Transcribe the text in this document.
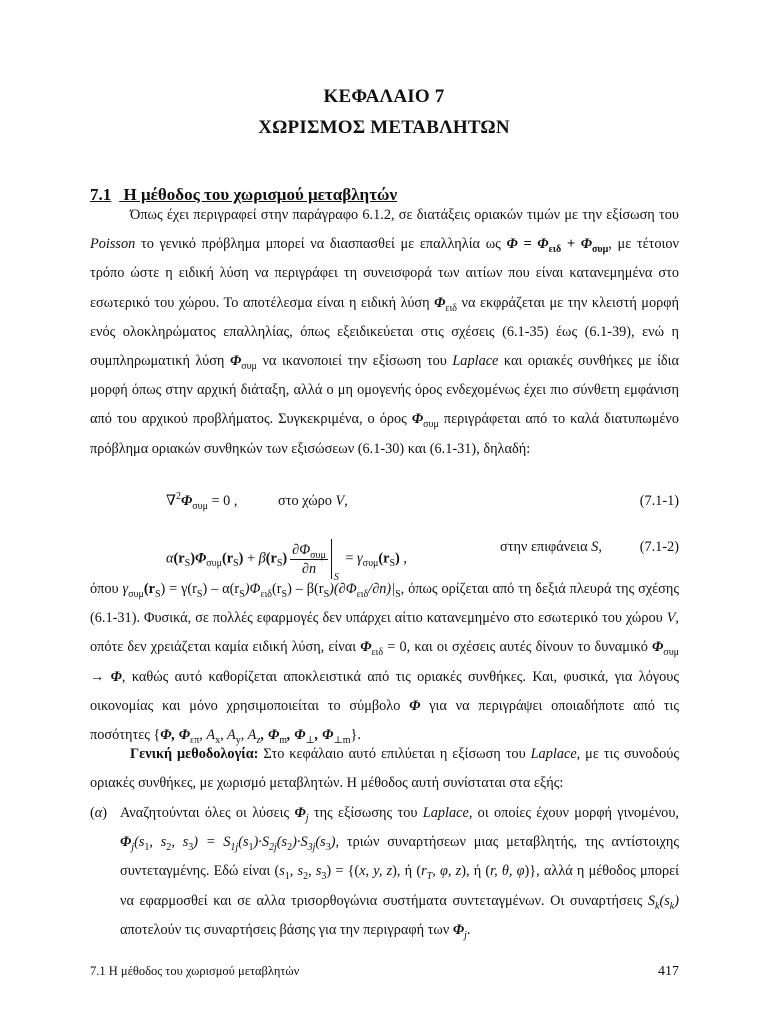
ΚΕΦΑΛΑΙΟ 7
ΧΩΡΙΣΜΟΣ ΜΕΤΑΒΛΗΤΩΝ
7.1 Η μέθοδος του χωρισμού μεταβλητών

Όπως έχει περιγραφεί στην παράγραφο 6.1.2, σε διατάξεις οριακών τιμών με την εξίσωση του Poisson το γενικό πρόβλημα μπορεί να διασπασθεί με επαλληλία ως $\Phi = \Phi_{\varepsilon\iota\delta} + \Phi_{\sigma\upsilon\mu}$, με τέτοιον τρόπο ώστε η ειδική λύση να περιγράφει τη συνεισφορά των αιτίων που είναι κατανεμημένα στο εσωτερικό του χώρου. Το αποτέλεσμα είναι η ειδική λύση $\Phi_{\varepsilon\iota\delta}$ να εκφράζεται με την κλειστή μορφή ενός ολοκληρώματος επαλληλίας, όπως εξειδικεύεται στις σχέσεις (6.1-35) έως (6.1-39), ενώ η συμπληρωματική λύση $\Phi_{\sigma\upsilon\mu}$ να ικανοποιεί την εξίσωση του Laplace και οριακές συνθήκες με ίδια μορφή όπως στην αρχική διάταξη, αλλά ο μη ομογενής όρος ενδεχομένως έχει πιο σύνθετη εμφάνιση από του αρχικού προβλήματος. Συγκεκριμένα, ο όρος $\Phi_{\sigma\upsilon\mu}$ περιγράφεται από το καλά διατυπωμένο πρόβλημα οριακών συνθηκών των εξισώσεων (6.1-30) και (6.1-31), δηλαδή:

$\nabla^2\Phi_{\sigma\upsilon\mu} = 0$ ,	στο χώρο V,	(7.1-1)
$\alpha(r_S)\Phi_{\sigma\upsilon\mu}(r_S) + \beta(r_S) \frac{\partial\Phi_{\sigma\upsilon\mu}}{\partial n}$ S
= $\gamma_{\sigma\upsilon\mu}(r_S)$ ,
στην επιφάνεια S,	(7.1-2)

όπου $\gamma_{\sigma\upsilon\mu}(r_S) = \gamma(r_S) - \alpha(r_S)\Phi_{\varepsilon\iota\delta}(r_S) - \beta(r_S)(\partial\Phi_{\varepsilon\iota\delta}/\partial n)|_S$, όπως ορίζεται από τη δεξιά πλευρά της σχέσης (6.1-31). Φυσικά, σε πολλές εφαρμογές δεν υπάρχει αίτιο κατανεμημένο στο εσωτερικό του χώρου V, οπότε δεν χρειάζεται καμία ειδική λύση, είναι $\Phi_{\varepsilon\iota\delta} = 0$, και οι σχέσεις αυτές δίνουν το δυναμικό $\Phi_{\sigma\upsilon\mu} \to \Phi$, καθώς αυτό καθορίζεται αποκλειστικά από τις οριακές συνθήκες. Και, φυσικά, για λόγους οικονομίας και μόνο χρησιμοποιείται το σύμβολο Φ για να περιγράψει οποιαδήποτε από τις ποσότητες {Φ, $\Phi_{\varepsilon\pi}$, $A_x$, $A_y$, $A_z$, $\Phi_m$, $\Phi_\perp$, $\Phi_{\perp m}$}.

Γενική μεθοδολογία: Στο κεφάλαιο αυτό επιλύεται η εξίσωση του Laplace, με τις συνοδούς οριακές συνθήκες, με χωρισμό μεταβλητών. Η μέθοδος αυτή συνίσταται στα εξής:

(α) Αναζητούνται όλες οι λύσεις $\Phi_j$ της εξίσωσης του Laplace, οι οποίες έχουν μορφή γινομένου, $\Phi_j(s_1$, $s_2$, $s_3) = S_{1j}(s_1)\cdot S_{2j}(s_2)\cdot S_{3j}(s_3)$, τριών συναρτήσεων μιας μεταβλητής, της αντίστοιχης συντεταγμένης. Εδώ είναι ($s_1$, $s_2$, $s_3) = \{(x$, y, z), ή ($r_T$, φ, z), ή (r, θ, φ)}, αλλά η μέθοδος μπορεί να εφαρμοσθεί και σε αλλα τρισορθογώνια συστήματα συντεταγμένων. Οι συναρτήσεις $S_k(s_k)$ αποτελούν τις συναρτήσεις βάσης για την περιγραφή των $\Phi_j$.
7.1 Η μέθοδος του χωρισμού μεταβλητών	417
